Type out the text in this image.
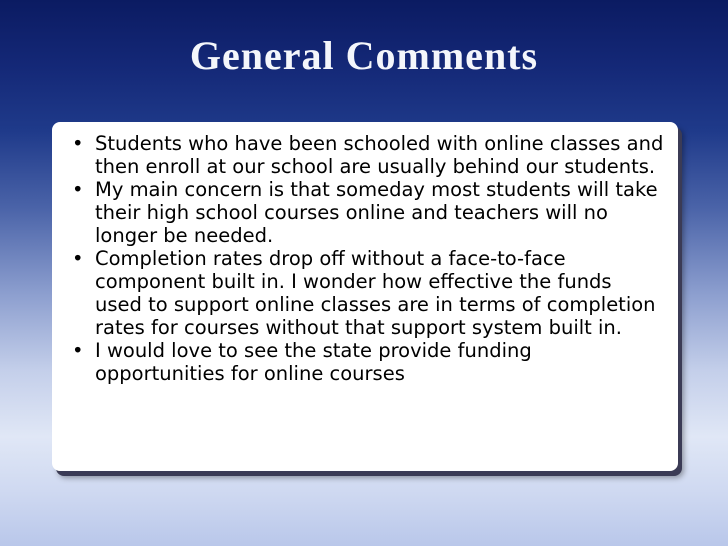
General Comments
• Students who have been schooled with online classes and then enroll at our school are usually behind our students.
• My main concern is that someday most students will take their high school courses online and teachers will no longer be needed.
• Completion rates drop off without a face-to-face component built in. I wonder how effective the funds used to support online classes are in terms of completion rates for courses without that support system built in.
• I would love to see the state provide funding opportunities for online courses
